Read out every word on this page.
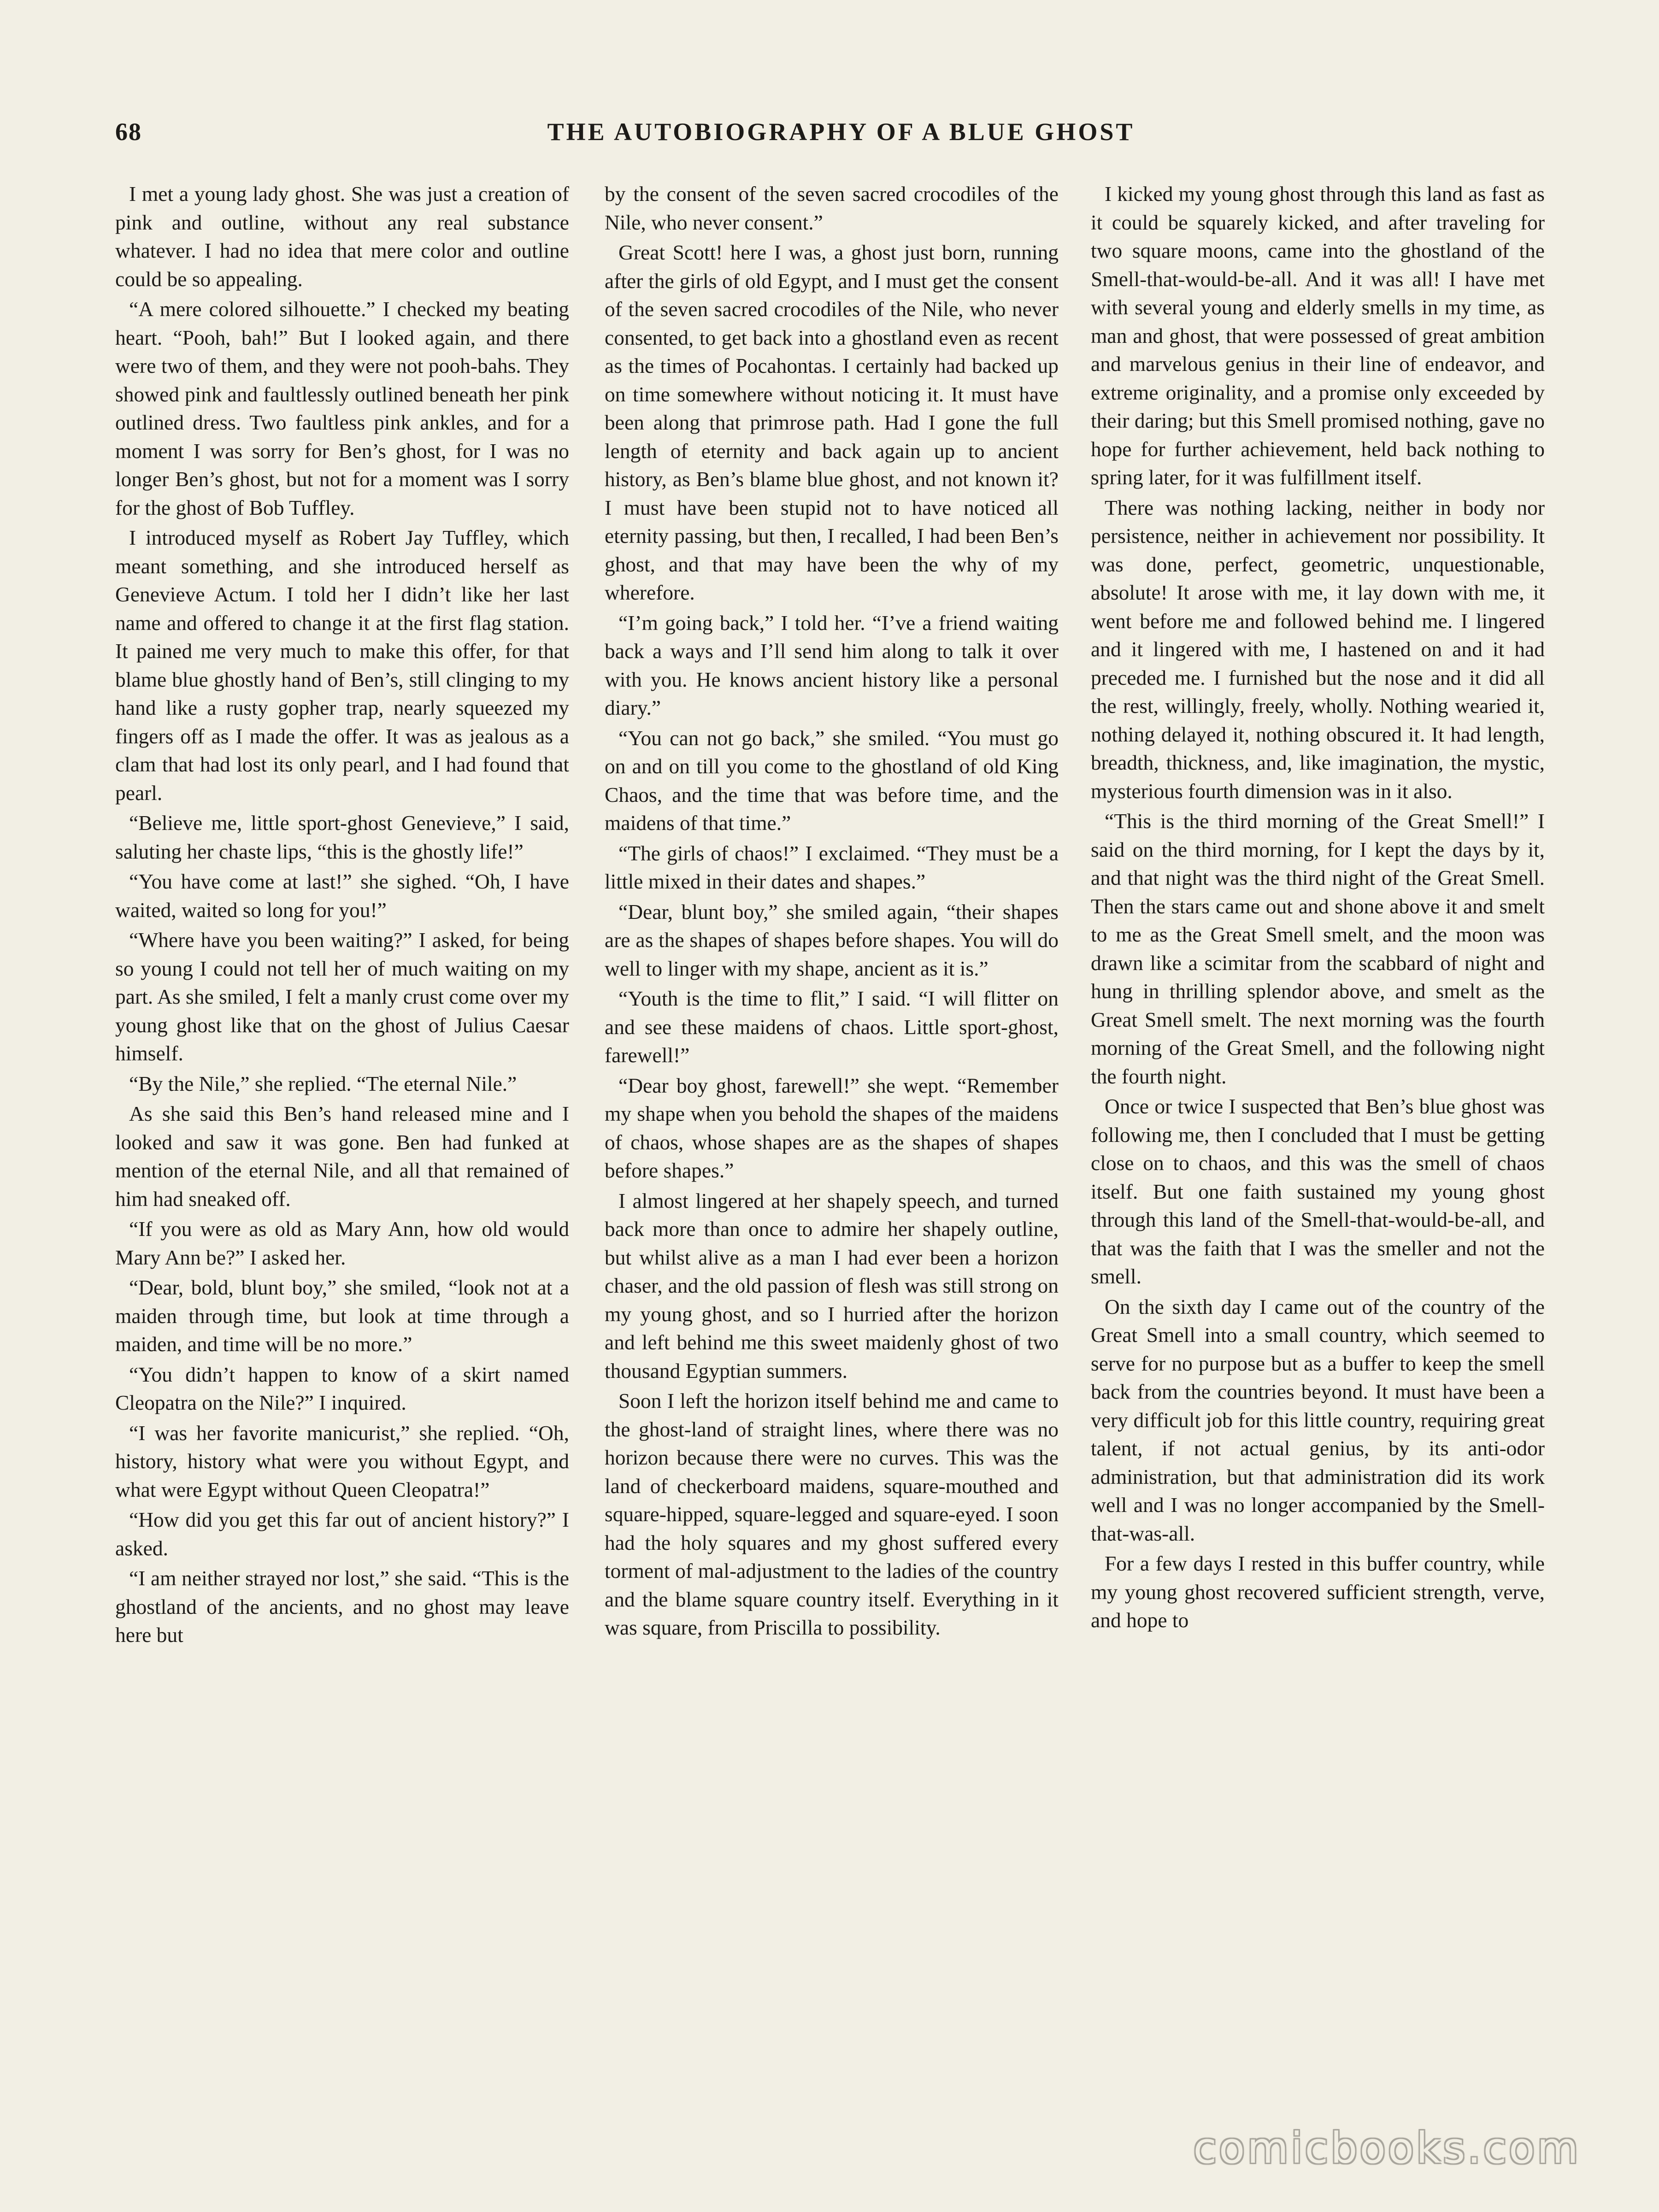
68	THE AUTOBIOGRAPHY OF A BLUE GHOST

I met a young lady ghost. She was just a creation of pink and outline, without any real substance whatever. I had no idea that mere color and outline could be so appealing.

“A mere colored silhouette.” I checked my beating heart. “Pooh, bah!” But I looked again, and there were two of them, and they were not pooh-bahs. They showed pink and faultlessly outlined beneath her pink outlined dress. Two faultless pink ankles, and for a moment I was sorry for Ben’s ghost, for I was no longer Ben’s ghost, but not for a moment was I sorry for the ghost of Bob Tuffley.

I introduced myself as Robert Jay Tuffley, which meant something, and she introduced herself as Genevieve Actum. I told her I didn’t like her last name and offered to change it at the first flag station. It pained me very much to make this offer, for that blame blue ghostly hand of Ben’s, still clinging to my hand like a rusty gopher trap, nearly squeezed my fingers off as I made the offer. It was as jealous as a clam that had lost its only pearl, and I had found that pearl.

“Believe me, little sport-ghost Genevieve,” I said, saluting her chaste lips, “this is the ghostly life!”

“You have come at last!” she sighed. “Oh, I have waited, waited so long for you!”

“Where have you been waiting?” I asked, for being so young I could not tell her of much waiting on my part. As she smiled, I felt a manly crust come over my young ghost like that on the ghost of Julius Caesar himself.

“By the Nile,” she replied. “The eternal Nile.”

As she said this Ben’s hand released mine and I looked and saw it was gone. Ben had funked at mention of the eternal Nile, and all that remained of him had sneaked off.

“If you were as old as Mary Ann, how old would Mary Ann be?” I asked her.

“Dear, bold, blunt boy,” she smiled, “look not at a maiden through time, but look at time through a maiden, and time will be no more.”

“You didn’t happen to know of a skirt named Cleopatra on the Nile?” I inquired.

“I was her favorite manicurist,” she replied. “Oh, history, history what were you without Egypt, and what were Egypt without Queen Cleopatra!”

“How did you get this far out of ancient history?” I asked.

“I am neither strayed nor lost,” she said. “This is the ghostland of the ancients, and no ghost may leave here but

by the consent of the seven sacred crocodiles of the Nile, who never consent.”

Great Scott! here I was, a ghost just born, running after the girls of old Egypt, and I must get the consent of the seven sacred crocodiles of the Nile, who never consented, to get back into a ghostland even as recent as the times of Pocahontas. I certainly had backed up on time somewhere without noticing it. It must have been along that primrose path. Had I gone the full length of eternity and back again up to ancient history, as Ben’s blame blue ghost, and not known it? I must have been stupid not to have noticed all eternity passing, but then, I recalled, I had been Ben’s ghost, and that may have been the why of my wherefore.

“I’m going back,” I told her. “I’ve a friend waiting back a ways and I’ll send him along to talk it over with you. He knows ancient history like a personal diary.”

“You can not go back,” she smiled. “You must go on and on till you come to the ghostland of old King Chaos, and the time that was before time, and the maidens of that time.”

“The girls of chaos!” I exclaimed. “They must be a little mixed in their dates and shapes.”

“Dear, blunt boy,” she smiled again, “their shapes are as the shapes of shapes before shapes. You will do well to linger with my shape, ancient as it is.”

“Youth is the time to flit,” I said. “I will flitter on and see these maidens of chaos. Little sport-ghost, farewell!”

“Dear boy ghost, farewell!” she wept. “Remember my shape when you behold the shapes of the maidens of chaos, whose shapes are as the shapes of shapes before shapes.”

I almost lingered at her shapely speech, and turned back more than once to admire her shapely outline, but whilst alive as a man I had ever been a horizon chaser, and the old passion of flesh was still strong on my young ghost, and so I hurried after the horizon and left behind me this sweet maidenly ghost of two thousand Egyptian summers.

Soon I left the horizon itself behind me and came to the ghost-land of straight lines, where there was no horizon because there were no curves. This was the land of checkerboard maidens, square-mouthed and square-hipped, square-legged and square-eyed. I soon had the holy squares and my ghost suffered every torment of mal-adjustment to the ladies of the country and the blame square country itself. Everything in it was square, from Priscilla to possibility.

I kicked my young ghost through this land as fast as it could be squarely kicked, and after traveling for two square moons, came into the ghostland of the Smell-that-would-be-all. And it was all! I have met with several young and elderly smells in my time, as man and ghost, that were possessed of great ambition and marvelous genius in their line of endeavor, and extreme originality, and a promise only exceeded by their daring; but this Smell promised nothing, gave no hope for further achievement, held back nothing to spring later, for it was fulfillment itself.

There was nothing lacking, neither in body nor persistence, neither in achievement nor possibility. It was done, perfect, geometric, unquestionable, absolute! It arose with me, it lay down with me, it went before me and followed behind me. I lingered and it lingered with me, I hastened on and it had preceded me. I furnished but the nose and it did all the rest, willingly, freely, wholly. Nothing wearied it, nothing delayed it, nothing obscured it. It had length, breadth, thickness, and, like imagination, the mystic, mysterious fourth dimension was in it also.

“This is the third morning of the Great Smell!” I said on the third morning, for I kept the days by it, and that night was the third night of the Great Smell. Then the stars came out and shone above it and smelt to me as the Great Smell smelt, and the moon was drawn like a scimitar from the scabbard of night and hung in thrilling splendor above, and smelt as the Great Smell smelt. The next morning was the fourth morning of the Great Smell, and the following night the fourth night.

Once or twice I suspected that Ben’s blue ghost was following me, then I concluded that I must be getting close on to chaos, and this was the smell of chaos itself. But one faith sustained my young ghost through this land of the Smell-that-would-be-all, and that was the faith that I was the smeller and not the smell.

On the sixth day I came out of the country of the Great Smell into a small country, which seemed to serve for no purpose but as a buffer to keep the smell back from the countries beyond. It must have been a very difficult job for this little country, requiring great talent, if not actual genius, by its anti-odor administration, but that administration did its work well and I was no longer accompanied by the Smell-that-was-all.

For a few days I rested in this buffer country, while my young ghost recovered sufficient strength, verve, and hope to

comicbooks.com
